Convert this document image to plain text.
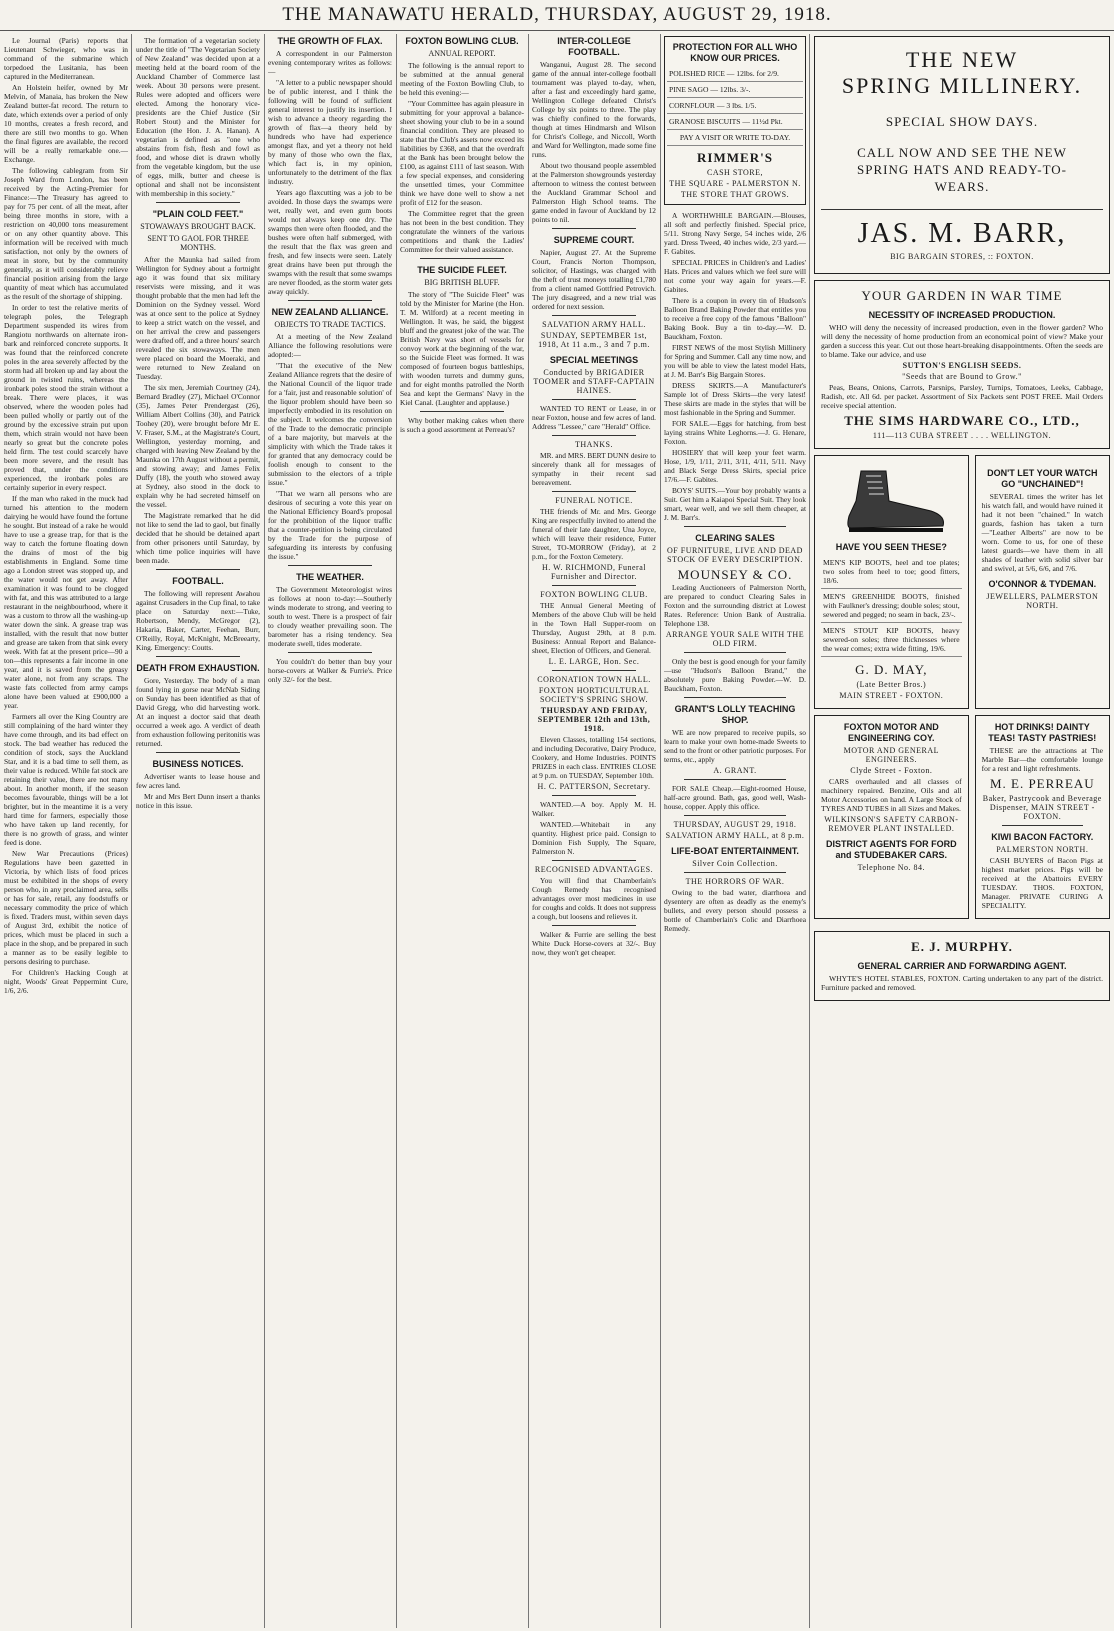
THE MANAWATU HERALD, THURSDAY, AUGUST 29, 1918.

Le Journal (Paris) reports that Lieutenant Schwieger, who was in command of the submarine which torpedoed the Lusitania, has been captured in the Mediterranean.

An Holstein heifer, owned by Mr Melvin, of Manaia, has broken the New Zealand butter-fat record. The return to date, which extends over a period of only 10 months, creates a fresh record, and there are still two months to go. When the final figures are available, the record will be a really remarkable one.—Exchange.

The following cablegram from Sir Joseph Ward from London, has been received by the Acting-Premier for Finance:—The Treasury has agreed to pay for 75 per cent. of all the meat, after being three months in store, with a restriction on 40,000 tons measurement or on any other quantity above. This information will be received with much satisfaction, not only by the owners of meat in store, but by the community generally, as it will considerably relieve financial position arising from the large quantity of meat which has accumulated as the result of the shortage of shipping.

In order to test the relative merits of telegraph poles, the Telegraph Department suspended its wires from Rangiotu northwards on alternate iron-bark and reinforced concrete supports. It was found that the reinforced concrete poles in the area severely affected by the storm had all broken up and lay about the ground in twisted ruins, whereas the ironbark poles stood the strain without a break. There were places, it was observed, where the wooden poles had been pulled wholly or partly out of the ground by the excessive strain put upon them, which strain would not have been nearly so great but the concrete poles held firm. The test could scarcely have been more severe, and the result has proved that, under the conditions experienced, the ironbark poles are certainly superior in every respect.

If the man who raked in the muck had turned his attention to the modern dairying he would have found the fortune he sought. But instead of a rake he would have to use a grease trap, for that is the way to catch the fortune floating down the drains of most of the big establishments in England. Some time ago a London street was stopped up, and the water would not get away. After examination it was found to be clogged with fat, and this was attributed to a large restaurant in the neighbourhood, where it was a custom to throw all the washing-up water down the sink. A grease trap was installed, with the result that now butter and grease are taken from that sink every week. With fat at the present price—90 a ton—this represents a fair income in one year, and it is saved from the greasy water alone, not from any scraps. The waste fats collected from army camps alone have been valued at £900,000 a year.

Farmers all over the King Country are still complaining of the hard winter they have come through, and its bad effect on stock. The bad weather has reduced the condition of stock, says the Auckland Star, and it is a bad time to sell them, as their value is reduced. While fat stock are retaining their value, there are not many about. In another month, if the season becomes favourable, things will be a lot brighter, but in the meantime it is a very hard time for farmers, especially those who have taken up land recently, for there is no growth of grass, and winter feed is done.

New War Precautions (Prices) Regulations have been gazetted in Victoria, by which lists of food prices must be exhibited in the shops of every person who, in any proclaimed area, sells or has for sale, retail, any foodstuffs or necessary commodity the price of which is fixed. Traders must, within seven days of August 3rd, exhibit the notice of prices, which must be placed in such a place in the shop, and be prepared in such a manner as to be easily legible to persons desiring to purchase.

For Children's Hacking Cough at night, Woods' Great Peppermint Cure, 1/6, 2/6.

The formation of a vegetarian society under the title of "The Vegetarian Society of New Zealand" was decided upon at a meeting held at the board room of the Auckland Chamber of Commerce last week. About 30 persons were present. Rules were adopted and officers were elected. Among the honorary vice-presidents are the Chief Justice (Sir Robert Stout) and the Minister for Education (the Hon. J. A. Hanan). A vegetarian is defined as "one who abstains from fish, flesh and fowl as food, and whose diet is drawn wholly from the vegetable kingdom, but the use of eggs, milk, butter and cheese is optional and shall not be inconsistent with membership in this society."

"PLAIN COLD FEET."
STOWAWAYS BROUGHT BACK.
SENT TO GAOL FOR THREE MONTHS.

After the Maunka had sailed from Wellington for Sydney about a fortnight ago it was found that six military reservists were missing, and it was thought probable that the men had left the Dominion on the Sydney vessel. Word was at once sent to the police at Sydney to keep a strict watch on the vessel, and on her arrival the crew and passengers were drafted off, and a three hours' search revealed the six stowaways. The men were placed on board the Moeraki, and were returned to New Zealand on Tuesday.

The six men, Jeremiah Courtney (24), Bernard Bradley (27), Michael O'Connor (35), James Peter Prendergast (26), William Albert Collins (30), and Patrick Toohey (20), were brought before Mr E. V. Fraser, S.M., at the Magistrate's Court, Wellington, yesterday morning, and charged with leaving New Zealand by the Maunka on 17th August without a permit, and stowing away; and James Felix Duffy (18), the youth who stowed away at Sydney, also stood in the dock to explain why he had secreted himself on the vessel.

The Magistrate remarked that he did not like to send the lad to gaol, but finally decided that he should be detained apart from other prisoners until Saturday, by which time police inquiries will have been made.

FOOTBALL.

The following will represent Awahou against Crusaders in the Cup final, to take place on Saturday next:—Tuke, Robertson, Mendy, McGregor (2), Hakaria, Baker, Carter, Feehan, Burr, O'Reilly, Royal, McKnight, McBreearty, King. Emergency: Coutts.

DEATH FROM EXHAUSTION.

Gore, Yesterday. The body of a man found lying in gorse near McNab Siding on Sunday has been identified as that of David Gregg, who did harvesting work. At an inquest a doctor said that death occurred a week ago. A verdict of death from exhaustion following peritonitis was returned.

BUSINESS NOTICES.

Advertiser wants to lease house and few acres land.

Mr and Mrs Bert Dunn insert a thanks notice in this issue.

THE GROWTH OF FLAX.

A correspondent in our Palmerston evening contemporary writes as follows:—

"A letter to a public newspaper should be of public interest, and I think the following will be found of sufficient general interest to justify its insertion. I wish to advance a theory regarding the growth of flax—a theory held by hundreds who have had experience amongst flax, and yet a theory not held by many of those who own the flax, which fact is, in my opinion, unfortunately to the detriment of the flax industry.

Years ago flaxcutting was a job to be avoided. In those days the swamps were wet, really wet, and even gum boots would not always keep one dry. The swamps then were often flooded, and the bushes were often half submerged, with the result that the flax was green and fresh, and few insects were seen. Lately great drains have been put through the swamps with the result that some swamps are never flooded, as the storm water gets away quickly.

NEW ZEALAND ALLIANCE.
OBJECTS TO TRADE TACTICS.

At a meeting of the New Zealand Alliance the following resolutions were adopted:—

"That the executive of the New Zealand Alliance regrets that the desire of the National Council of the liquor trade for a 'fair, just and reasonable solution' of the liquor problem should have been so imperfectly embodied in its resolution on the subject. It welcomes the conversion of the Trade to the democratic principle of a bare majority, but marvels at the simplicity with which the Trade takes it for granted that any democracy could be foolish enough to consent to the submission to the electors of a triple issue."

"That we warn all persons who are desirous of securing a vote this year on the National Efficiency Board's proposal for the prohibition of the liquor traffic that a counter-petition is being circulated by the Trade for the purpose of safeguarding its interests by confusing the issue."

THE WEATHER.

The Government Meteorologist wires as follows at noon to-day:—Southerly winds moderate to strong, and veering to south to west. There is a prospect of fair to cloudy weather prevailing soon. The barometer has a rising tendency. Sea moderate swell, tides moderate.

You couldn't do better than buy your horse-covers at Walker & Furrie's. Price only 32/- for the best.

FOXTON BOWLING CLUB.
ANNUAL REPORT.

The following is the annual report to be submitted at the annual general meeting of the Foxton Bowling Club, to be held this evening:—

"Your Committee has again pleasure in submitting for your approval a balance-sheet showing your club to be in a sound financial condition. They are pleased to state that the Club's assets now exceed its liabilities by £368, and that the overdraft at the Bank has been brought below the £100, as against £111 of last season. With a few special expenses, and considering the unsettled times, your Committee think we have done well to show a net profit of £12 for the season.

The Committee regret that the green has not been in the best condition. They congratulate the winners of the various competitions and thank the Ladies' Committee for their valued assistance.

THE SUICIDE FLEET.
BIG BRITISH BLUFF.

The story of "The Suicide Fleet" was told by the Minister for Marine (the Hon. T. M. Wilford) at a recent meeting in Wellington. It was, he said, the biggest bluff and the greatest joke of the war. The British Navy was short of vessels for convoy work at the beginning of the war, so the Suicide Fleet was formed. It was composed of fourteen bogus battleships, with wooden turrets and dummy guns, and for eight months patrolled the North Sea and kept the Germans' Navy in the Kiel Canal. (Laughter and applause.)

Why bother making cakes when there is such a good assortment at Perreau's?

INTER-COLLEGE FOOTBALL.

Wanganui, August 28. The second game of the annual inter-college football tournament was played to-day, when, after a fast and exceedingly hard game, Wellington College defeated Christ's College by six points to three. The play was chiefly confined to the forwards, though at times Hindmarsh and Wilson for Christ's College, and Niccoll, Worth and Ward for Wellington, made some fine runs.

About two thousand people assembled at the Palmerston showgrounds yesterday afternoon to witness the contest between the Auckland Grammar School and Palmerston High School teams. The game ended in favour of Auckland by 12 points to nil.

SUPREME COURT.

Napier, August 27. At the Supreme Court, Francis Norton Thompson, solicitor, of Hastings, was charged with the theft of trust moneys totalling £1,780 from a client named Gottfried Petrovich. The jury disagreed, and a new trial was ordered for next session.

SALVATION ARMY HALL.
SUNDAY, SEPTEMBER 1st, 1918, At 11 a.m., 3 and 7 p.m.
SPECIAL MEETINGS
Conducted by BRIGADIER TOOMER and STAFF-CAPTAIN HAINES.

WANTED TO RENT or Lease, in or near Foxton, house and few acres of land. Address "Lessee," care "Herald" Office.

THANKS.

MR. and MRS. BERT DUNN desire to sincerely thank all for messages of sympathy in their recent sad bereavement.

FUNERAL NOTICE.

THE friends of Mr. and Mrs. George King are respectfully invited to attend the funeral of their late daughter, Una Joyce, which will leave their residence, Futter Street, TO-MORROW (Friday), at 2 p.m., for the Foxton Cemetery.

H. W. RICHMOND, Funeral Furnisher and Director.
FOXTON BOWLING CLUB.

THE Annual General Meeting of Members of the above Club will be held in the Town Hall Supper-room on Thursday, August 29th, at 8 p.m. Business: Annual Report and Balance-sheet, Election of Officers, and General.

L. E. LARGE, Hon. Sec.
CORONATION TOWN HALL.
FOXTON HORTICULTURAL SOCIETY'S SPRING SHOW.
THURSDAY AND FRIDAY, SEPTEMBER 12th and 13th, 1918.

Eleven Classes, totalling 154 sections, and including Decorative, Dairy Produce, Cookery, and Home Industries. POINTS PRIZES in each class. ENTRIES CLOSE at 9 p.m. on TUESDAY, September 10th.

H. C. PATTERSON, Secretary.

WANTED.—A boy. Apply M. H. Walker.

WANTED.—Whitebait in any quantity. Highest price paid. Consign to Dominion Fish Supply, The Square, Palmerston N.

RECOGNISED ADVANTAGES.

You will find that Chamberlain's Cough Remedy has recognised advantages over most medicines in use for coughs and colds. It does not suppress a cough, but loosens and relieves it.

Walker & Furrie are selling the best White Duck Horse-covers at 32/-. Buy now, they won't get cheaper.

PROTECTION FOR ALL WHO KNOW OUR PRICES.
POLISHED RICE — 12lbs. for 2/9.
PINE SAGO — 12lbs. 3/-.
CORNFLOUR — 3 lbs. 1/5.
GRANOSE BISCUITS — 11½d Pkt.
PAY A VISIT OR WRITE TO-DAY.
RIMMER'S
CASH STORE,
THE SQUARE - PALMERSTON N.
THE STORE THAT GROWS.

A WORTHWHILE BARGAIN.—Blouses, all soft and perfectly finished. Special price, 5/11. Strong Navy Serge, 54 inches wide, 2/6 yard. Dress Tweed, 40 inches wide, 2/3 yard.—F. Gabites.

SPECIAL PRICES in Children's and Ladies' Hats. Prices and values which we feel sure will not come your way again for years.—F. Gabites.

There is a coupon in every tin of Hudson's Balloon Brand Baking Powder that entitles you to receive a free copy of the famous "Balloon" Baking Book. Buy a tin to-day.—W. D. Bauckham, Foxton.

FIRST NEWS of the most Stylish Millinery for Spring and Summer. Call any time now, and you will be able to view the latest model Hats, at J. M. Barr's Big Bargain Stores.

DRESS SKIRTS.—A Manufacturer's Sample lot of Dress Skirts—the very latest! These skirts are made in the styles that will be most fashionable in the Spring and Summer.

FOR SALE.—Eggs for hatching, from best laying strains White Leghorns.—J. G. Henare, Foxton.

HOSIERY that will keep your feet warm. Hose, 1/9, 1/11, 2/11, 3/11, 4/11, 5/11. Navy and Black Serge Dress Skirts, special price 17/6.—F. Gabites.

BOYS' SUITS.—Your boy probably wants a Suit. Get him a Kaiapoi Special Suit. They look smart, wear well, and we sell them cheaper, at J. M. Barr's.

CLEARING SALES
OF FURNITURE, LIVE AND DEAD STOCK OF EVERY DESCRIPTION.
MOUNSEY & CO.

Leading Auctioneers of Palmerston North, are prepared to conduct Clearing Sales in Foxton and the surrounding district at Lowest Rates. Reference: Union Bank of Australia. Telephone 138.

ARRANGE YOUR SALE WITH THE OLD FIRM.

Only the best is good enough for your family—use "Hudson's Balloon Brand," the absolutely pure Baking Powder.—W. D. Bauckham, Foxton.

GRANT'S LOLLY TEACHING SHOP.

WE are now prepared to receive pupils, so learn to make your own home-made Sweets to send to the front or other patriotic purposes. For terms, etc., apply

A. GRANT.

FOR SALE Cheap.—Eight-roomed House, half-acre ground. Bath, gas, good well, Wash-house, copper. Apply this office.

THURSDAY, AUGUST 29, 1918.
SALVATION ARMY HALL, at 8 p.m.
LIFE-BOAT ENTERTAINMENT.
Silver Coin Collection.
THE HORRORS OF WAR.

Owing to the bad water, diarrhoea and dysentery are often as deadly as the enemy's bullets, and every person should possess a bottle of Chamberlain's Colic and Diarrhoea Remedy.

THE NEW
SPRING MILLINERY.
SPECIAL SHOW DAYS.
CALL NOW AND SEE THE NEW SPRING HATS AND READY-TO-WEARS.
JAS. M. BARR,
BIG BARGAIN STORES, :: FOXTON.
YOUR GARDEN IN WAR TIME
NECESSITY OF INCREASED PRODUCTION.

WHO will deny the necessity of increased production, even in the flower garden? Who will deny the necessity of home production from an economical point of view? Make your garden a success this year. Cut out those heart-breaking disappointments. Often the seeds are to blame. Take our advice, and use

SUTTON'S ENGLISH SEEDS.
"Seeds that are Bound to Grow."

Peas, Beans, Onions, Carrots, Parsnips, Parsley, Turnips, Tomatoes, Leeks, Cabbage, Radish, etc. All 6d. per packet. Assortment of Six Packets sent POST FREE. Mail Orders receive special attention.

THE SIMS HARDWARE CO., LTD.,
111—113 CUBA STREET . . . . WELLINGTON.
HAVE YOU SEEN THESE?
MEN'S KIP BOOTS, heel and toe plates; two soles from heel to toe; good fitters, 18/6.
MEN'S GREENHIDE BOOTS, finished with Faulkner's dressing; double soles; stout, sewered and pegged; no seam in back, 23/-.
MEN'S STOUT KIP BOOTS, heavy sewered-on soles; three thicknesses where the wear comes; extra wide fitting, 19/6.
G. D. MAY,
(Late Better Bros.)
MAIN STREET - FOXTON.
DON'T LET YOUR WATCH GO "UNCHAINED"!

SEVERAL times the writer has let his watch fall, and would have ruined it had it not been "chained." In watch guards, fashion has taken a turn—"Leather Alberts" are now to be worn. Come to us, for one of these latest guards—we have them in all shades of leather with solid silver bar and swivel, at 5/6, 6/6, and 7/6.

O'CONNOR & TYDEMAN.
JEWELLERS, PALMERSTON NORTH.
FOXTON MOTOR AND ENGINEERING COY.
MOTOR AND GENERAL ENGINEERS.
Clyde Street - Foxton.

CARS overhauled and all classes of machinery repaired. Benzine, Oils and all Motor Accessories on hand. A Large Stock of TYRES AND TUBES in all Sizes and Makes.

WILKINSON'S SAFETY CARBON-REMOVER PLANT INSTALLED.
DISTRICT AGENTS FOR FORD and STUDEBAKER CARS.
Telephone No. 84.
HOT DRINKS! DAINTY TEAS! TASTY PASTRIES!

THESE are the attractions at The Marble Bar—the comfortable lounge for a rest and light refreshments.

M. E. PERREAU
Baker, Pastrycook and Beverage Dispenser, MAIN STREET - FOXTON.
KIWI BACON FACTORY.
PALMERSTON NORTH.

CASH BUYERS of Bacon Pigs at highest market prices. Pigs will be received at the Abattoirs EVERY TUESDAY. THOS. FOXTON, Manager. PRIVATE CURING A SPECIALITY.

E. J. MURPHY.
GENERAL CARRIER AND FORWARDING AGENT.

WHYTE'S HOTEL STABLES, FOXTON. Carting undertaken to any part of the district. Furniture packed and removed.
